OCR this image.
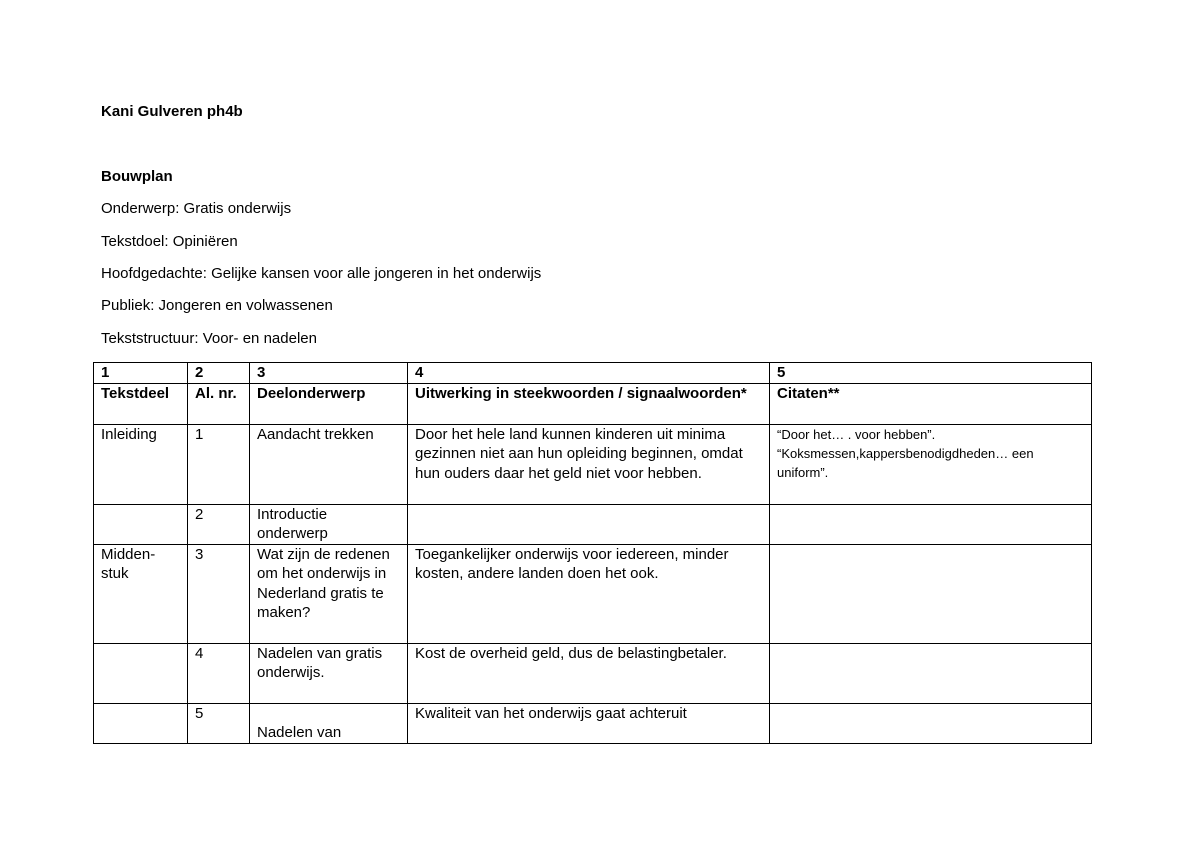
Kani Gulveren ph4b
Bouwplan
Onderwerp: Gratis onderwijs
Tekstdoel: Opiniëren
Hoofdgedachte: Gelijke kansen voor alle jongeren in het onderwijs
Publiek: Jongeren en volwassenen
Tekststructuur: Voor- en nadelen
1	2	3	4	5
Tekstdeel	Al. nr.	Deelonderwerp	Uitwerking in steekwoorden / signaalwoorden*	Citaten**
Inleiding	1	Aandacht trekken	Door het hele land kunnen kinderen uit minima gezinnen niet aan hun opleiding beginnen, omdat hun ouders daar het geld niet voor hebben.	“Door het… . voor hebben”. “Koksmessen,kappersbenodigdheden… een uniform”.
	2	Introductie onderwerp		

Midden-stuk	3	Wat zijn de redenen om het onderwijs in Nederland gratis te maken?	Toegankelijker onderwijs voor iedereen, minder kosten, andere landen doen het ook.	
	4	Nadelen van gratis onderwijs.	Kost de overheid geld, dus de belastingbetaler.	
	5	Nadelen van	Kwaliteit van het onderwijs gaat achteruit	
